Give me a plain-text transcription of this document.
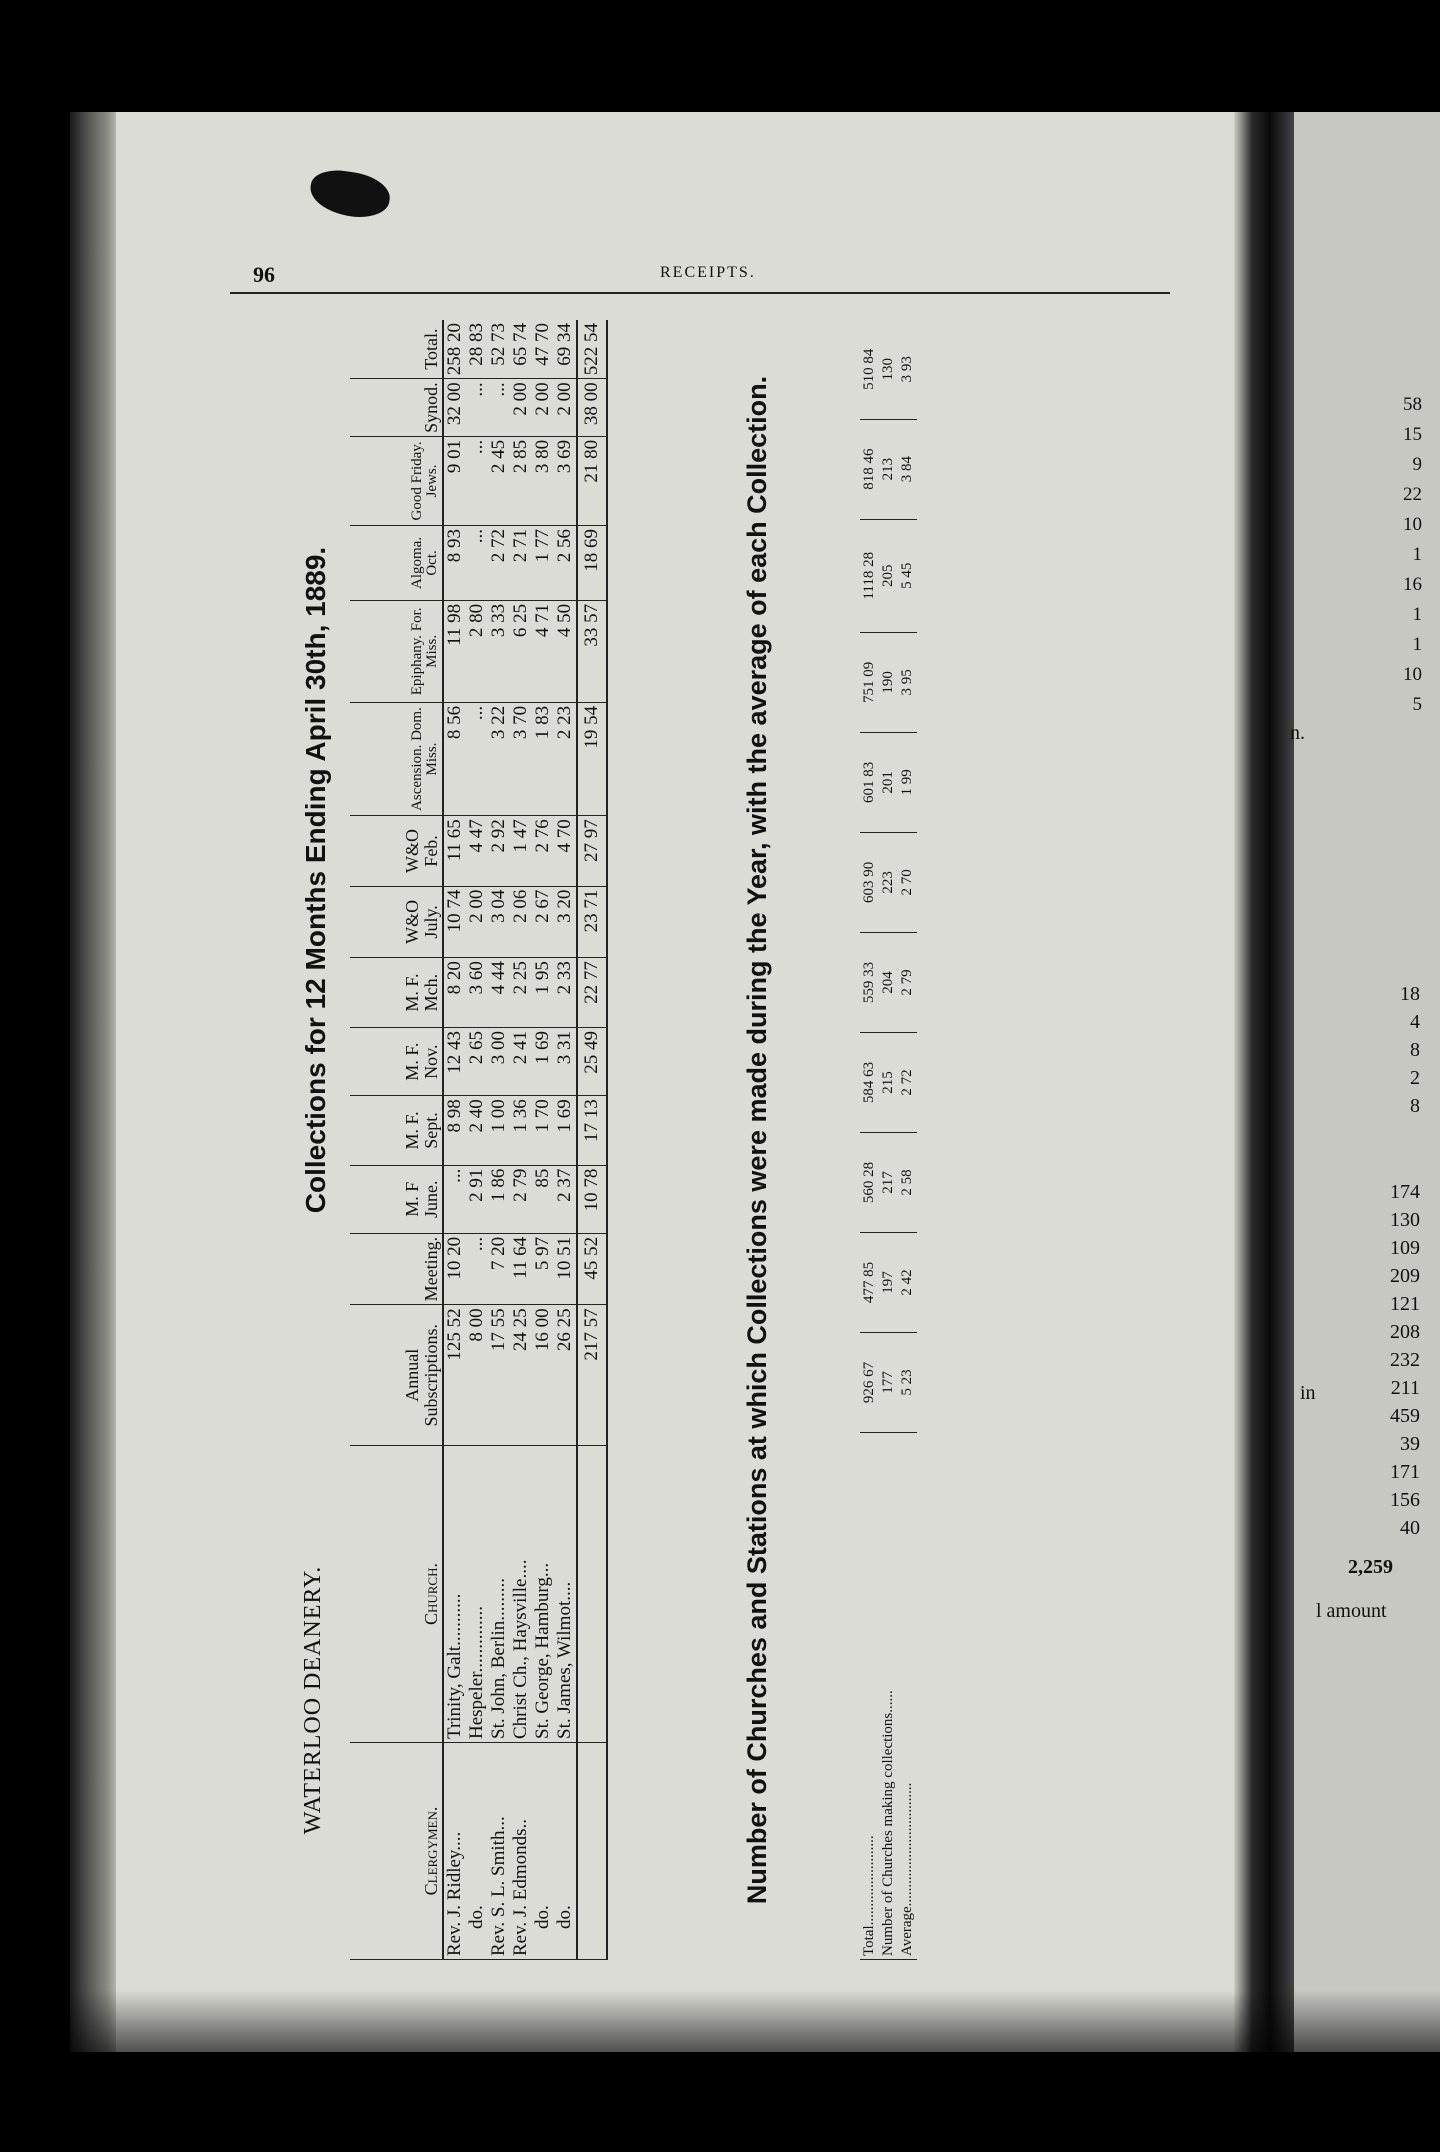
96	RECEIPTS.
WATERLOO DEANERY.
Collections for 12 Months Ending April 30th, 1889.
Clergymen.	Church.	Annual Subscriptions.	Meeting.	M. F June.	M. F. Sept.	M. F. Nov.	M. F. Mch.	W&O July.	W&O Feb.	Ascension. Dom. Miss.	Epiphany. For. Miss.	Algoma. Oct.	Good Friday. Jews.	Synod.	Total.
Rev. J. Ridley....	Trinity, Galt...........	125 52	10 20	...	8 98	12 43	8 20	10 74	11 65	8 56	11 98	8 93	9 01	32 00	258 20
do.	Hespeler..............	8 00	...	2 91	2 40	2 65	3 60	2 00	4 47	...	2 80	...	...	...	28 83
Rev. S. L. Smith...	St. John, Berlin.........	17 55	7 20	1 86	1 00	3 00	4 44	3 04	2 92	3 22	3 33	2 72	2 45	...	52 73
Rev. J. Edmonds..	Christ Ch., Haysville....	24 25	11 64	2 79	1 36	2 41	2 25	2 06	1 47	3 70	6 25	2 71	2 85	2 00	65 74
do.	St. George, Hamburg...	16 00	5 97	85	1 70	1 69	1 95	2 67	2 76	1 83	4 71	1 77	3 80	2 00	47 70
do.	St. James, Wilmot....	26 25	10 51	2 37	1 69	3 31	2 33	3 20	4 70	2 23	4 50	2 56	3 69	2 00	69 34
		217 57	45 52	10 78	17 13	25 49	22 77	23 71	27 97	19 54	33 57	18 69	21 80	38 00	522 54
Number of Churches and Stations at which Collections were made during the Year, with the average of each Collection.	Total........................	926 67	477 85	560 28	584 63	559 33	603 90	601 83	751 09	1118 28	818 46	510 84
Number of Churches making collections......	177	197	217	215	204	223	201	190	205	213	130
Average.................................	5 23	2 42	2 58	2 72	2 79	2 70	1 99	3 95	5 45	3 84	3 93
58
15
9
22
10
1
16
1
1
10
5
n.
in
18
4
8
2
8
174
130
109
209
121
208
232
211
459
39
171
156
40
2,259
l amount
